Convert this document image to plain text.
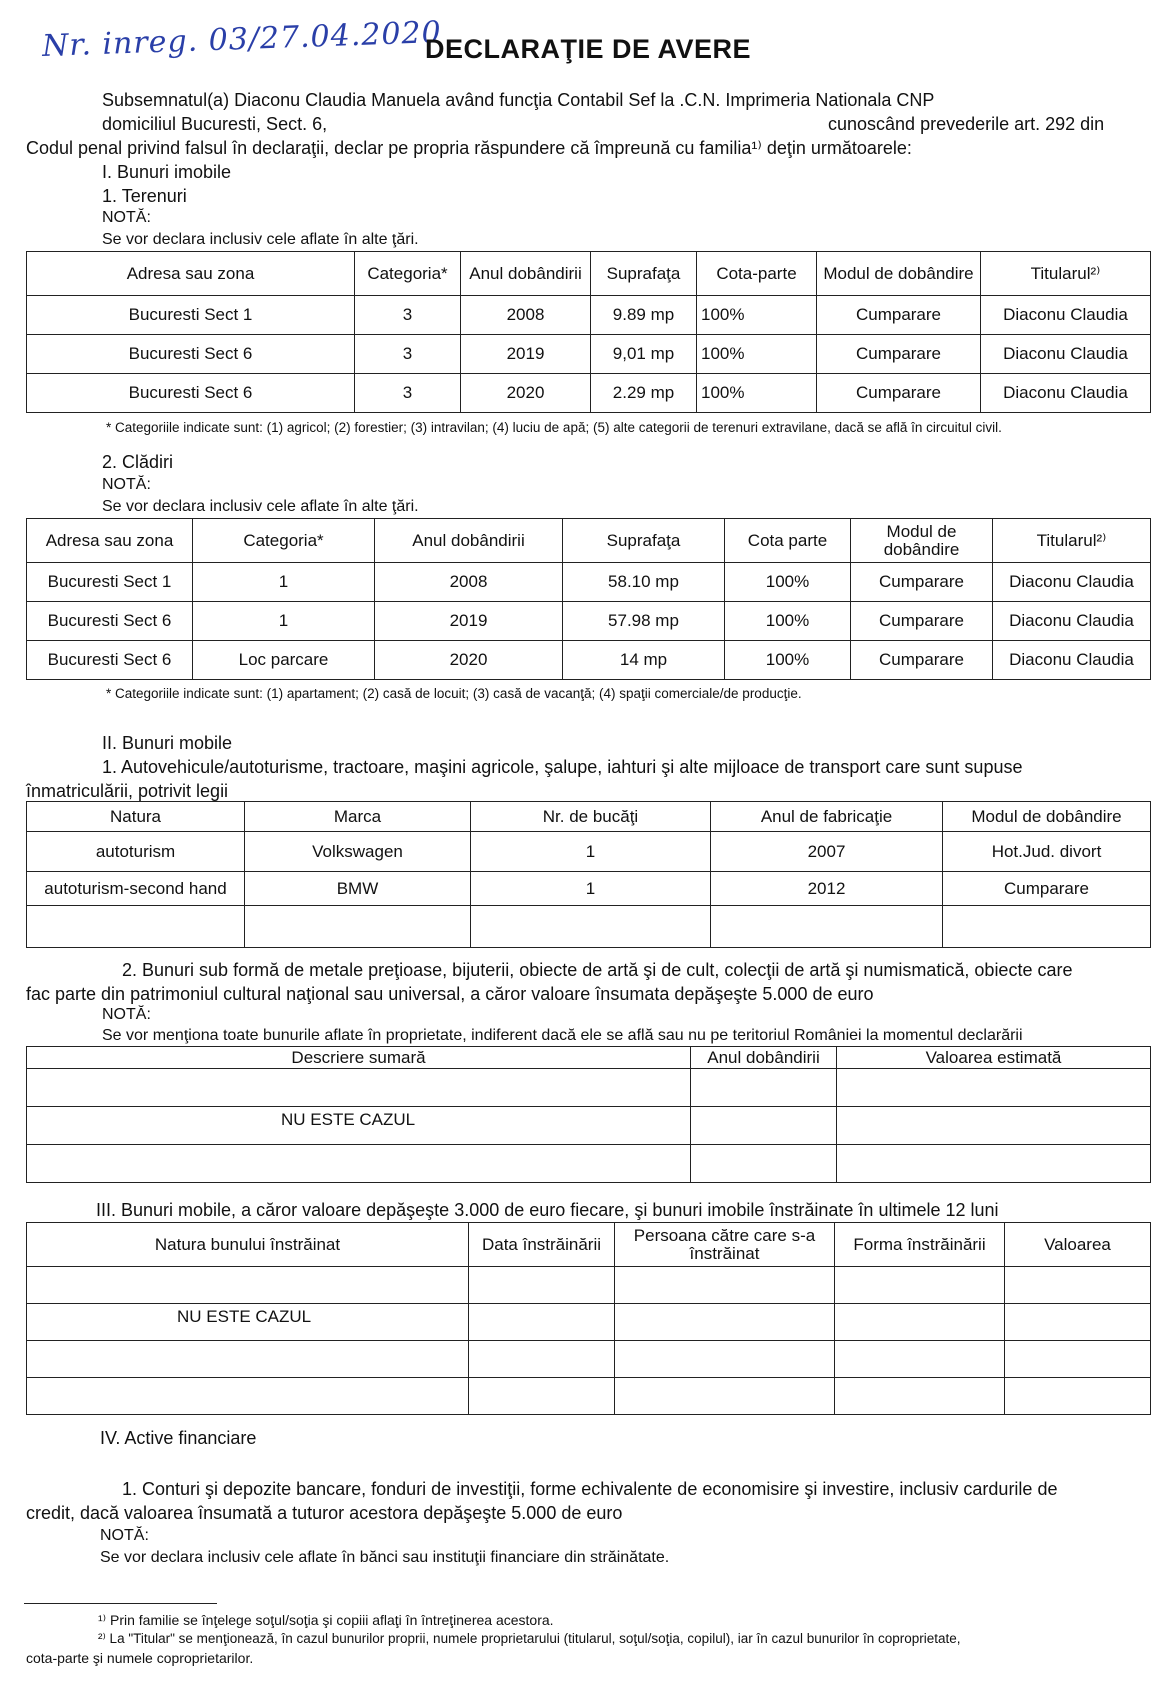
Nr. inreg. 03/27.04.2020
DECLARAŢIE DE AVERE
Subsemnatul(a) Diaconu Claudia Manuela având funcţia Contabil Sef la .C.N. Imprimeria Nationala CNP
domiciliul Bucuresti, Sect. 6,	cunoscând prevederile art. 292 din
Codul penal privind falsul în declaraţii, declar pe propria răspundere că împreună cu familia¹⁾ deţin următoarele:
I. Bunuri imobile
1. Terenuri
NOTĂ:
Se vor declara inclusiv cele aflate în alte ţări.
Adresa sau zona	Categoria*	Anul dobândirii	Suprafaţa	Cota-parte	Modul de dobândire	Titularul²⁾
Bucuresti Sect 1	3	2008	9.89 mp	100%	Cumparare	Diaconu Claudia
Bucuresti Sect 6	3	2019	9,01 mp	100%	Cumparare	Diaconu Claudia
Bucuresti Sect 6	3	2020	2.29 mp	100%	Cumparare	Diaconu Claudia
* Categoriile indicate sunt: (1) agricol; (2) forestier; (3) intravilan; (4) luciu de apă; (5) alte categorii de terenuri extravilane, dacă se află în circuitul civil.
2. Clădiri
NOTĂ:
Se vor declara inclusiv cele aflate în alte ţări.
Adresa sau zona	Categoria*	Anul dobândirii	Suprafaţa	Cota parte	Modul de dobândire	Titularul²⁾
Bucuresti Sect 1	1	2008	58.10 mp	100%	Cumparare	Diaconu Claudia
Bucuresti Sect 6	1	2019	57.98 mp	100%	Cumparare	Diaconu Claudia
Bucuresti Sect 6	Loc parcare	2020	14 mp	100%	Cumparare	Diaconu Claudia
* Categoriile indicate sunt: (1) apartament; (2) casă de locuit; (3) casă de vacanţă; (4) spaţii comerciale/de producţie.
II. Bunuri mobile
1. Autovehicule/autoturisme, tractoare, maşini agricole, şalupe, iahturi şi alte mijloace de transport care sunt supuse
înmatriculării, potrivit legii
Natura	Marca	Nr. de bucăţi	Anul de fabricaţie	Modul de dobândire
autoturism	Volkswagen	1	2007	Hot.Jud. divort
autoturism-second hand	BMW	1	2012	Cumparare

2. Bunuri sub formă de metale preţioase, bijuterii, obiecte de artă şi de cult, colecţii de artă şi numismatică, obiecte care
fac parte din patrimoniul cultural naţional sau universal, a căror valoare însumata depăşeşte 5.000 de euro
NOTĂ:
Se vor menţiona toate bunurile aflate în proprietate, indiferent dacă ele se află sau nu pe teritoriul României la momentul declarării
Descriere sumară	Anul dobândirii	Valoarea estimată

NU ESTE CAZUL		

III. Bunuri mobile, a căror valoare depăşeşte 3.000 de euro fiecare, şi bunuri imobile înstrăinate în ultimele 12 luni
Natura bunului înstrăinat	Data înstrăinării	Persoana către care s-a înstrăinat	Forma înstrăinării	Valoarea

NU ESTE CAZUL				

IV. Active financiare
1. Conturi şi depozite bancare, fonduri de investiţii, forme echivalente de economisire şi investire, inclusiv cardurile de
credit, dacă valoarea însumată a tuturor acestora depăşeşte 5.000 de euro
NOTĂ:
Se vor declara inclusiv cele aflate în bănci sau instituţii financiare din străinătate.
¹⁾ Prin familie se înţelege soţul/soţia şi copiii aflaţi în întreţinerea acestora.
²⁾ La "Titular" se menţionează, în cazul bunurilor proprii, numele proprietarului (titularul, soţul/soţia, copilul), iar în cazul bunurilor în coproprietate,
cota-parte şi numele coproprietarilor.
